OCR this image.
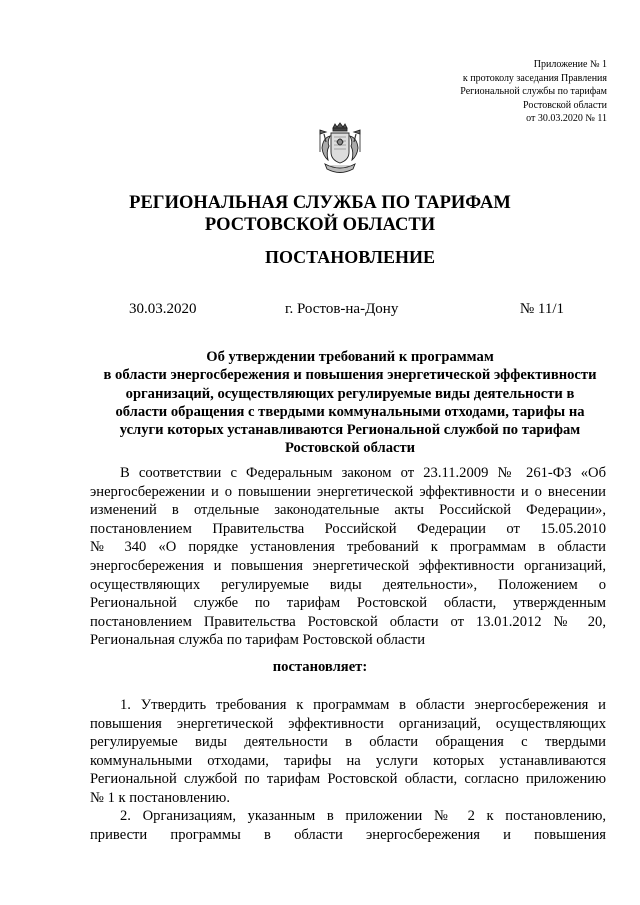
Приложение № 1
к протоколу заседания Правления
Региональной службы по тарифам
Ростовской области
от 30.03.2020 № 11
РЕГИОНАЛЬНАЯ СЛУЖБА ПО ТАРИФАМ
РОСТОВСКОЙ ОБЛАСТИ
ПОСТАНОВЛЕНИЕ
30.03.2020	г. Ростов-на-Дону	№ 11/1
Об утверждении требований к программам
в области энергосбережения и повышения энергетической эффективности
организаций, осуществляющих регулируемые виды деятельности в
области обращения с твердыми коммунальными отходами, тарифы на
услуги которых устанавливаются Региональной службой по тарифам
Ростовской области
В соответствии с Федеральным законом от 23.11.2009 № 261-ФЗ «Об
энергосбережении и о повышении энергетической эффективности и о внесении
изменений в отдельные законодательные акты Российской Федерации»,
постановлением Правительства Российской Федерации от 15.05.2010
№ 340 «О порядке установления требований к программам в области
энергосбережения и повышения энергетической эффективности организаций,
осуществляющих регулируемые виды деятельности», Положением о
Региональной службе по тарифам Ростовской области, утвержденным
постановлением Правительства Ростовской области от 13.01.2012 № 20,
Региональная служба по тарифам Ростовской области
постановляет:
1. Утвердить требования к программам в области энергосбережения и
повышения энергетической эффективности организаций, осуществляющих
регулируемые виды деятельности в области обращения с твердыми
коммунальными отходами, тарифы на услуги которых устанавливаются
Региональной службой по тарифам Ростовской области, согласно приложению
№ 1 к постановлению.
2. Организациям, указанным в приложении № 2 к постановлению,
привести программы в области энергосбережения и повышения
